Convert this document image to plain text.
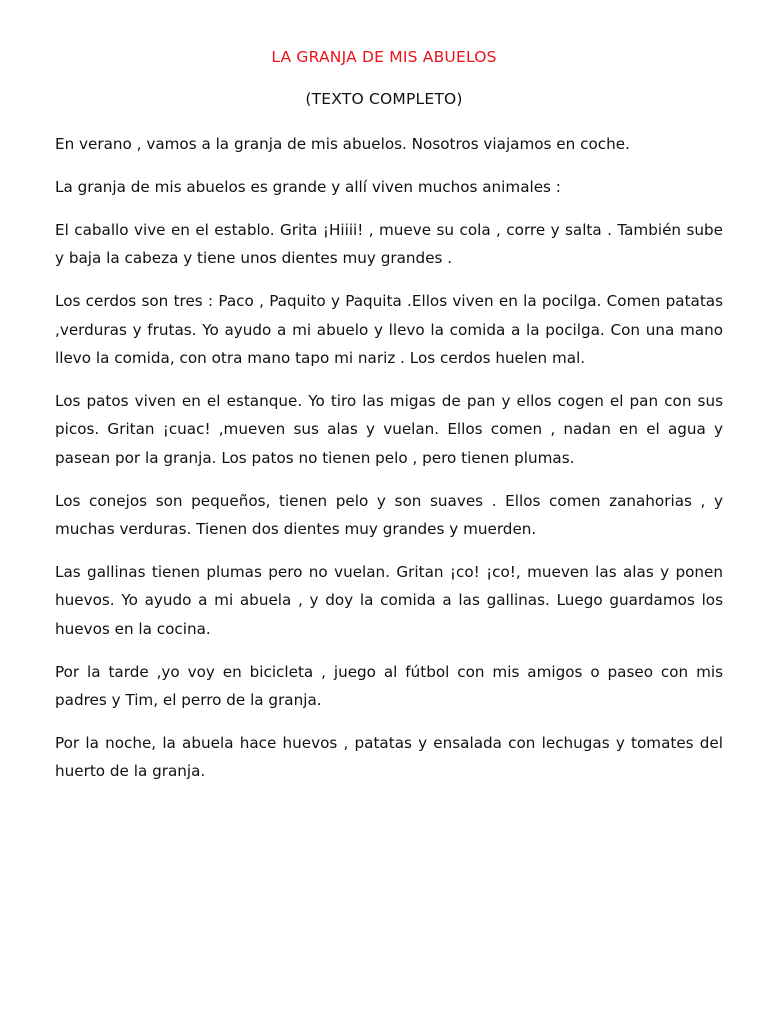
LA GRANJA DE MIS ABUELOS
(TEXTO COMPLETO)

En verano , vamos a la granja de mis abuelos. Nosotros viajamos en coche.

La granja de mis abuelos es grande y allí viven muchos animales :

El caballo vive en el establo. Grita ¡Hiiii! , mueve su cola , corre y salta . También sube y baja la cabeza y tiene unos dientes muy grandes .

Los cerdos son tres : Paco , Paquito y Paquita .Ellos viven en la pocilga. Comen patatas ,verduras y frutas. Yo ayudo a mi abuelo y llevo la comida a la pocilga. Con una mano llevo la comida, con otra mano tapo mi nariz . Los cerdos huelen mal.

Los patos viven en el estanque. Yo tiro las migas de pan y ellos cogen el pan con sus picos. Gritan ¡cuac! ,mueven sus alas y vuelan. Ellos comen , nadan en el agua y pasean por la granja. Los patos no tienen pelo , pero tienen plumas.

Los conejos son pequeños, tienen pelo y son suaves . Ellos comen zanahorias , y muchas verduras. Tienen dos dientes muy grandes y muerden.

Las gallinas tienen plumas pero no vuelan. Gritan ¡co! ¡co!, mueven las alas y ponen huevos. Yo ayudo a mi abuela , y doy la comida a las gallinas. Luego guardamos los huevos en la cocina.

Por la tarde ,yo voy en bicicleta , juego al fútbol con mis amigos o paseo con mis padres y Tim, el perro de la granja.

Por la noche, la abuela hace huevos , patatas y ensalada con lechugas y tomates del huerto de la granja.
